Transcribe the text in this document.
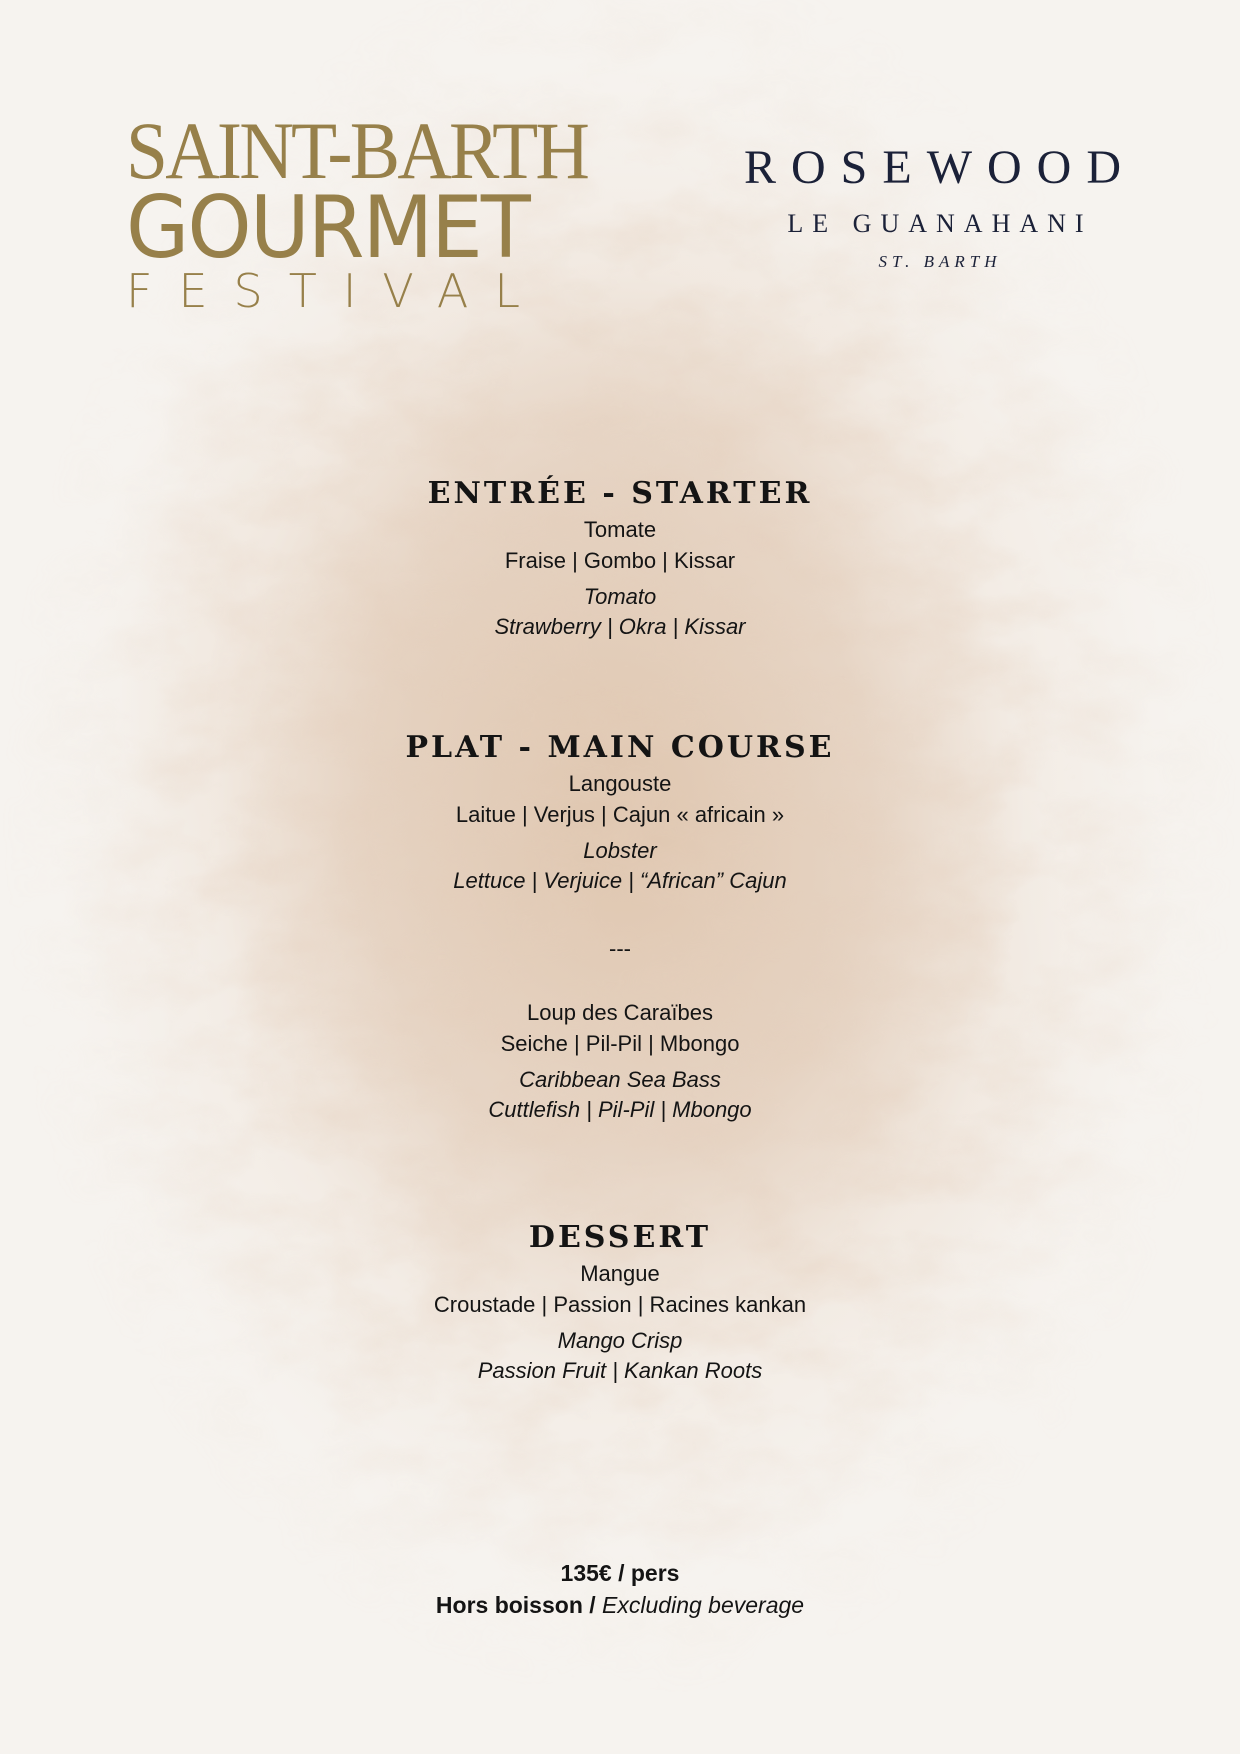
SAINT-BARTH
GOURMET
FESTIVAL
ROSEWOOD
LE GUANAHANI
ST. BARTH
ENTRÉE - STARTER
Tomate
Fraise | Gombo | Kissar
Tomato
Strawberry | Okra | Kissar
PLAT - MAIN COURSE
Langouste
Laitue | Verjus | Cajun « africain »
Lobster
Lettuce | Verjuice | “African” Cajun
---
Loup des Caraïbes
Seiche | Pil-Pil | Mbongo
Caribbean Sea Bass
Cuttlefish | Pil-Pil | Mbongo
DESSERT
Mangue
Croustade | Passion | Racines kankan
Mango Crisp
Passion Fruit | Kankan Roots
135€ / pers
Hors boisson / Excluding beverage
